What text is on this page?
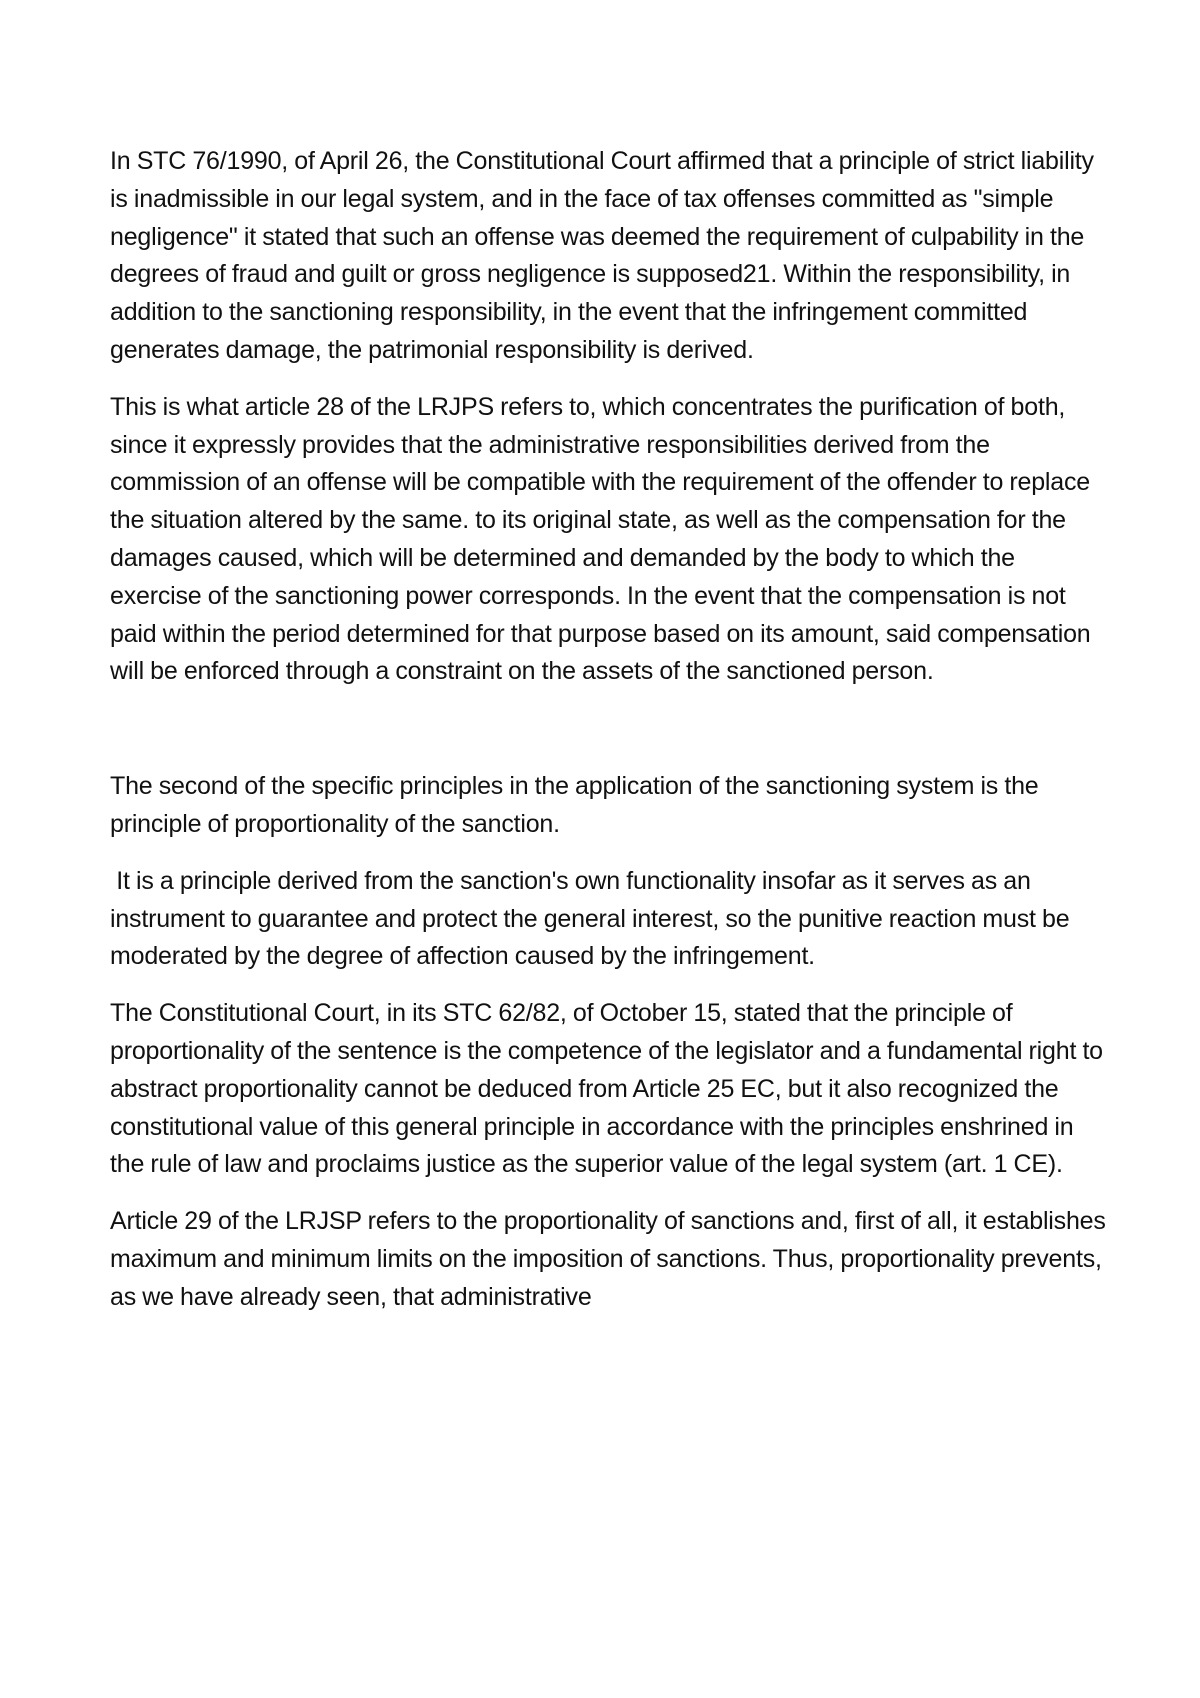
In STC 76/1990, of April 26, the Constitutional Court affirmed that a principle of strict liability is inadmissible in our legal system, and in the face of tax offenses committed as "simple negligence" it stated that such an offense was deemed the requirement of culpability in the degrees of fraud and guilt or gross negligence is supposed21. Within the responsibility, in addition to the sanctioning responsibility, in the event that the infringement committed generates damage, the patrimonial responsibility is derived.

This is what article 28 of the LRJPS refers to, which concentrates the purification of both, since it expressly provides that the administrative responsibilities derived from the commission of an offense will be compatible with the requirement of the offender to replace the situation altered by the same. to its original state, as well as the compensation for the damages caused, which will be determined and demanded by the body to which the exercise of the sanctioning power corresponds. In the event that the compensation is not paid within the period determined for that purpose based on its amount, said compensation will be enforced through a constraint on the assets of the sanctioned person.

The second of the specific principles in the application of the sanctioning system is the principle of proportionality of the sanction.

It is a principle derived from the sanction's own functionality insofar as it serves as an instrument to guarantee and protect the general interest, so the punitive reaction must be moderated by the degree of affection caused by the infringement.

The Constitutional Court, in its STC 62/82, of October 15, stated that the principle of proportionality of the sentence is the competence of the legislator and a fundamental right to abstract proportionality cannot be deduced from Article 25 EC, but it also recognized the constitutional value of this general principle in accordance with the principles enshrined in the rule of law and proclaims justice as the superior value of the legal system (art. 1 CE).

Article 29 of the LRJSP refers to the proportionality of sanctions and, first of all, it establishes maximum and minimum limits on the imposition of sanctions. Thus, proportionality prevents, as we have already seen, that administrative
